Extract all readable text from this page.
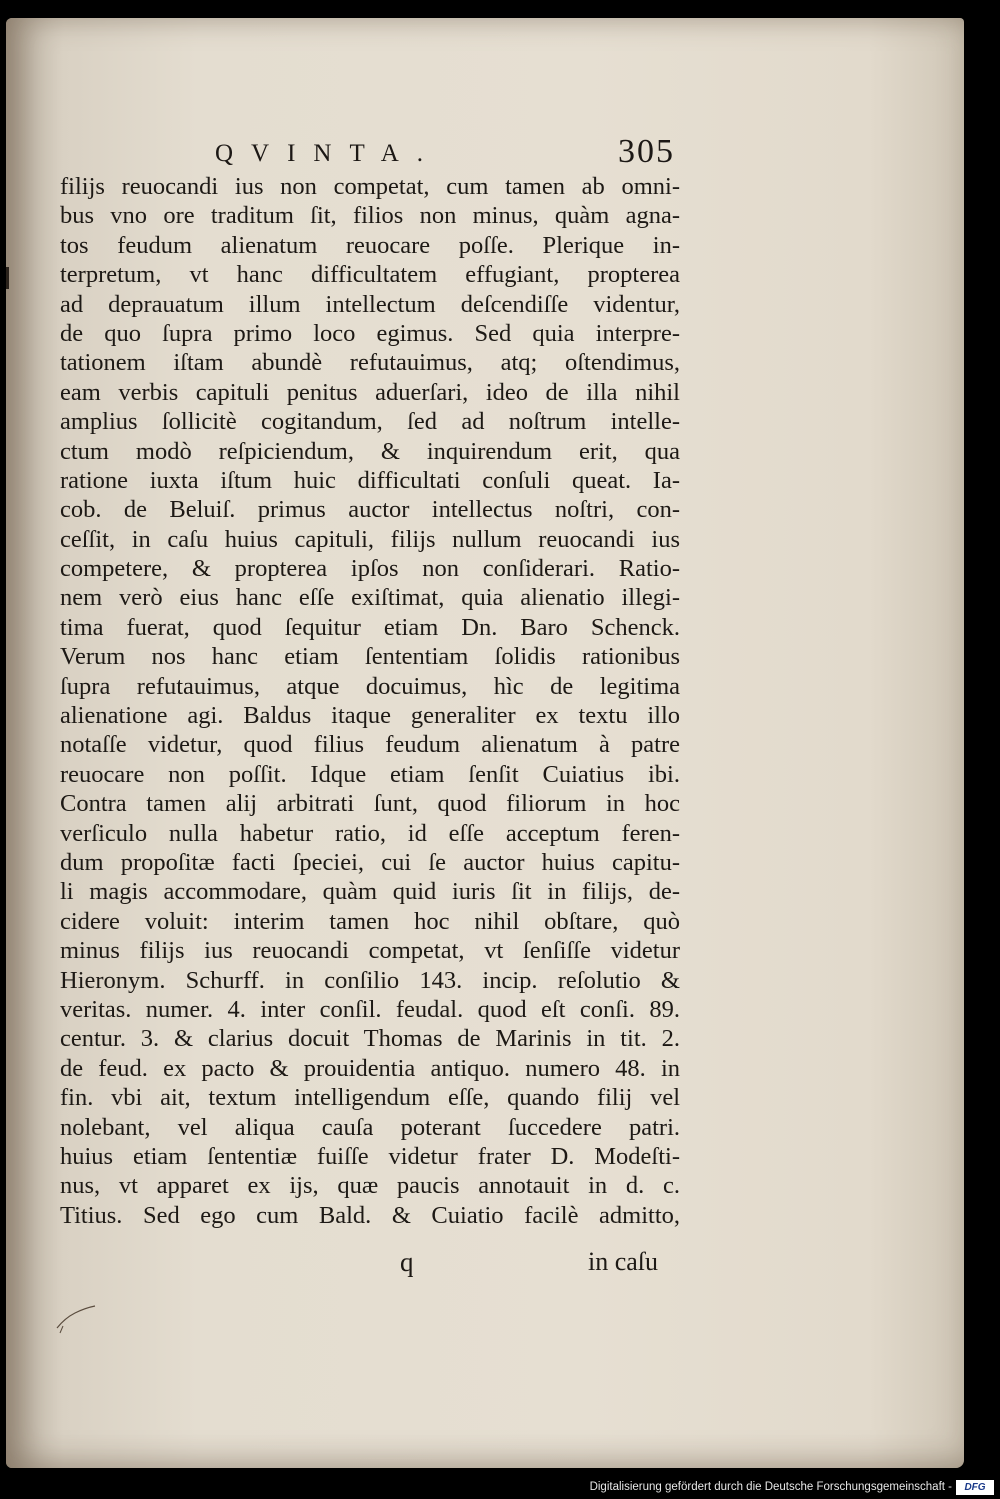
QVINTA.	305
filijs reuocandi ius non competat, cum tamen ab omni-
bus vno ore traditum ſit, filios non minus, quàm agna-
tos feudum alienatum reuocare poſſe. Plerique in-
terpretum, vt hanc difficultatem effugiant, propterea
ad deprauatum illum intellectum deſcendiſſe videntur,
de quo ſupra primo loco egimus. Sed quia interpre-
tationem iſtam abundè refutauimus, atq; oſtendimus,
eam verbis capituli penitus aduerſari, ideo de illa nihil
amplius ſollicitè cogitandum, ſed ad noſtrum intelle-
ctum modò reſpiciendum, & inquirendum erit, qua
ratione iuxta iſtum huic difficultati conſuli queat. Ia-
cob. de Beluiſ. primus auctor intellectus noſtri, con-
ceſſit, in caſu huius capituli, filijs nullum reuocandi ius
competere, & propterea ipſos non conſiderari. Ratio-
nem verò eius hanc eſſe exiſtimat, quia alienatio illegi-
tima fuerat, quod ſequitur etiam Dn. Baro Schenck.
Verum nos hanc etiam ſententiam ſolidis rationibus
ſupra refutauimus, atque docuimus, hìc de legitima
alienatione agi. Baldus itaque generaliter ex textu illo
notaſſe videtur, quod filius feudum alienatum à patre
reuocare non poſſit. Idque etiam ſenſit Cuiatius ibi.
Contra tamen alij arbitrati ſunt, quod filiorum in hoc
verſiculo nulla habetur ratio, id eſſe acceptum feren-
dum propoſitæ facti ſpeciei, cui ſe auctor huius capitu-
li magis accommodare, quàm quid iuris ſit in filijs, de-
cidere voluit: interim tamen hoc nihil obſtare, quò
minus filijs ius reuocandi competat, vt ſenſiſſe videtur
Hieronym. Schurff. in conſilio 143. incip. reſolutio &
veritas. numer. 4. inter conſil. feudal. quod eſt conſi. 89.
centur. 3. & clarius docuit Thomas de Marinis in tit. 2.
de feud. ex pacto & prouidentia antiquo. numero 48. in
fin. vbi ait, textum intelligendum eſſe, quando filij vel
nolebant, vel aliqua cauſa poterant ſuccedere patri.
huius etiam ſententiæ fuiſſe videtur frater D. Modeſti-
nus, vt apparet ex ijs, quæ paucis annotauit in d. c.
Titius. Sed ego cum Bald. & Cuiatio facilè admitto,
q	in caſu
Digitalisierung gefördert durch die Deutsche Forschungsgemeinschaft -	DFG
